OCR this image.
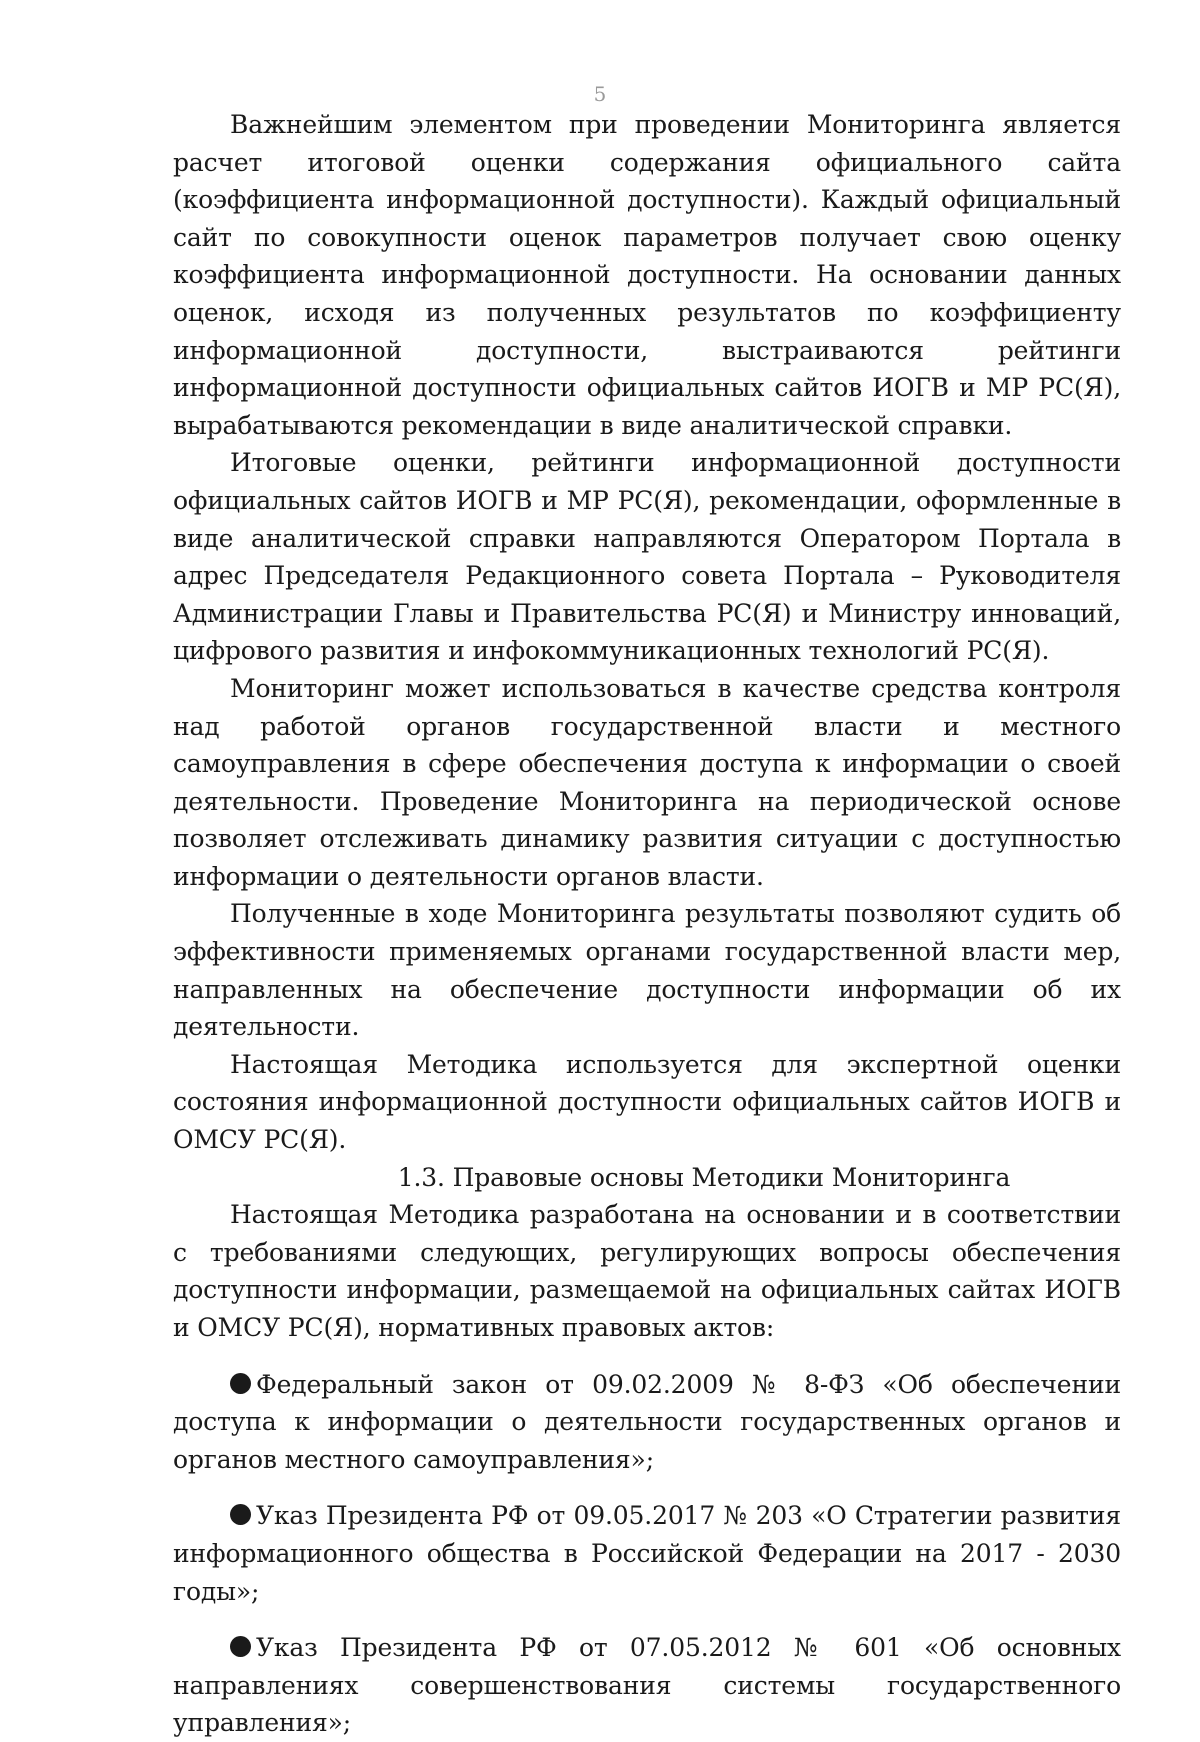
5

Важнейшим элементом при проведении Мониторинга является расчет итоговой оценки содержания официального сайта (коэффициента информационной доступности). Каждый официальный сайт по совокупности оценок параметров получает свою оценку коэффициента информационной доступности. На основании данных оценок, исходя из полученных результатов по коэффициенту информационной доступности, выстраиваются рейтинги информационной доступности официальных сайтов ИОГВ и МР РС(Я), вырабатываются рекомендации в виде аналитической справки.

Итоговые оценки, рейтинги информационной доступности официальных сайтов ИОГВ и МР РС(Я), рекомендации, оформленные в виде аналитической справки направляются Оператором Портала в адрес Председателя Редакционного совета Портала – Руководителя Администрации Главы и Правительства РС(Я) и Министру инноваций, цифрового развития и инфокоммуникационных технологий РС(Я).

Мониторинг может использоваться в качестве средства контроля над работой органов государственной власти и местного самоуправления в сфере обеспечения доступа к информации о своей деятельности. Проведение Мониторинга на периодической основе позволяет отслеживать динамику развития ситуации с доступностью информации о деятельности органов власти.

Полученные в ходе Мониторинга результаты позволяют судить об эффективности применяемых органами государственной власти мер, направленных на обеспечение доступности информации об их деятельности.

Настоящая Методика используется для экспертной оценки состояния информационной доступности официальных сайтов ИОГВ и ОМСУ РС(Я).

1.3. Правовые основы Методики Мониторинга

Настоящая Методика разработана на основании и в соответствии с требованиями следующих, регулирующих вопросы обеспечения доступности информации, размещаемой на официальных сайтах ИОГВ и ОМСУ РС(Я), нормативных правовых актов:

Федеральный закон от 09.02.2009 № 8-ФЗ «Об обеспечении доступа к информации о деятельности государственных органов и органов местного самоуправления»;

Указ Президента РФ от 09.05.2017 № 203 «О Стратегии развития информационного общества в Российской Федерации на 2017 - 2030 годы»;

Указ Президента РФ от 07.05.2012 № 601 «Об основных направлениях совершенствования системы государственного управления»;
